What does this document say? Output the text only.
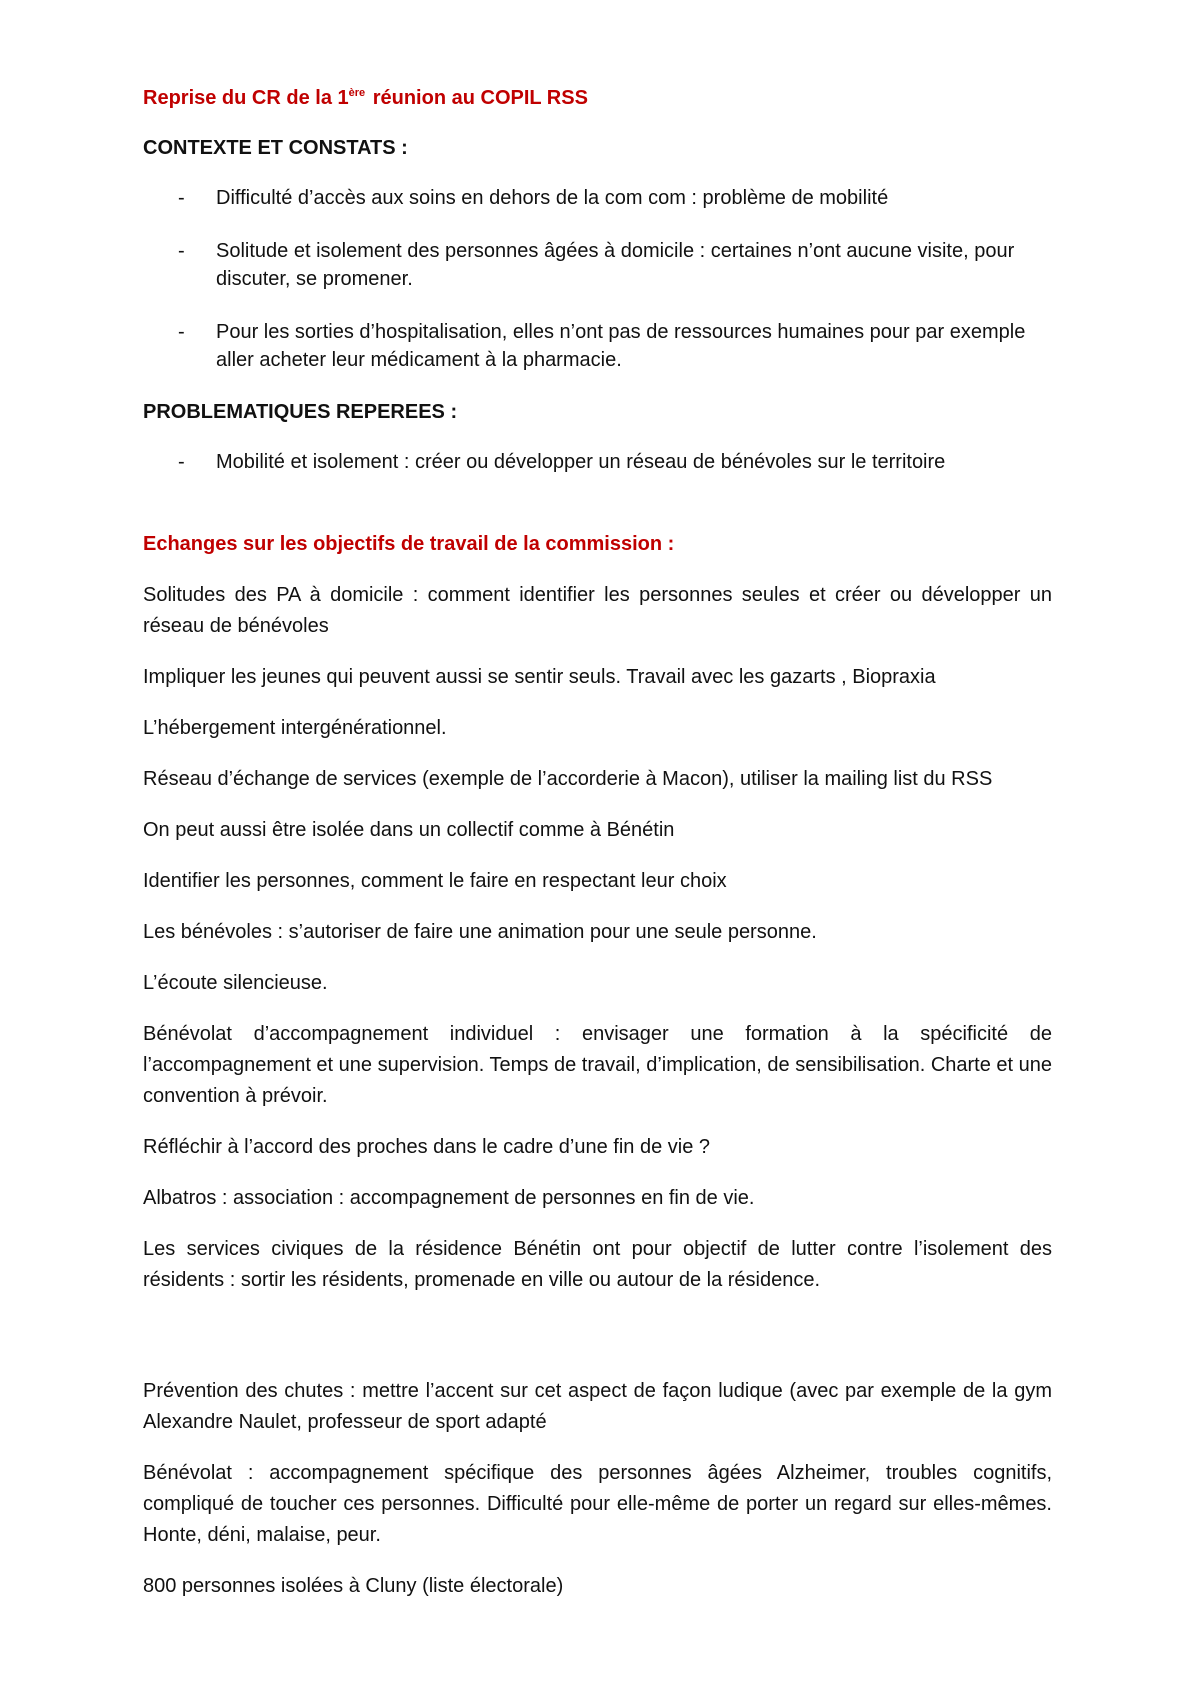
Reprise du CR de la 1ère réunion au COPIL RSS
CONTEXTE ET CONSTATS :
- Difficulté d’accès aux soins en dehors de la com com : problème de mobilité
- Solitude et isolement des personnes âgées à domicile : certaines n’ont aucune visite, pour discuter, se promener.
- Pour les sorties d’hospitalisation, elles n’ont pas de ressources humaines pour par exemple aller acheter leur médicament à la pharmacie.
PROBLEMATIQUES REPEREES :
- Mobilité et isolement : créer ou développer un réseau de bénévoles sur le territoire
Echanges sur les objectifs de travail de la commission :
Solitudes des PA à domicile : comment identifier les personnes seules et créer ou développer un réseau de bénévoles
Impliquer les jeunes qui peuvent aussi se sentir seuls. Travail avec les gazarts , Biopraxia
L’hébergement intergénérationnel.
Réseau d’échange de services (exemple de l’accorderie à Macon), utiliser la mailing list du RSS
On peut aussi être isolée dans un collectif comme à Bénétin
Identifier les personnes, comment le faire en respectant leur choix
Les bénévoles : s’autoriser de faire une animation pour une seule personne.
L’écoute silencieuse.
Bénévolat d’accompagnement individuel : envisager une formation à la spécificité de l’accompagnement et une supervision. Temps de travail, d’implication, de sensibilisation. Charte et une convention à prévoir.
Réfléchir à l’accord des proches dans le cadre d’une fin de vie ?
Albatros : association : accompagnement de personnes en fin de vie.
Les services civiques de la résidence Bénétin ont pour objectif de lutter contre l’isolement des résidents : sortir les résidents, promenade en ville ou autour de la résidence.
Prévention des chutes : mettre l’accent sur cet aspect de façon ludique (avec par exemple de la gym Alexandre Naulet, professeur de sport adapté
Bénévolat : accompagnement spécifique des personnes âgées Alzheimer, troubles cognitifs, compliqué de toucher ces personnes. Difficulté pour elle-même de porter un regard sur elles-mêmes. Honte, déni, malaise, peur.
800 personnes isolées à Cluny (liste électorale)
